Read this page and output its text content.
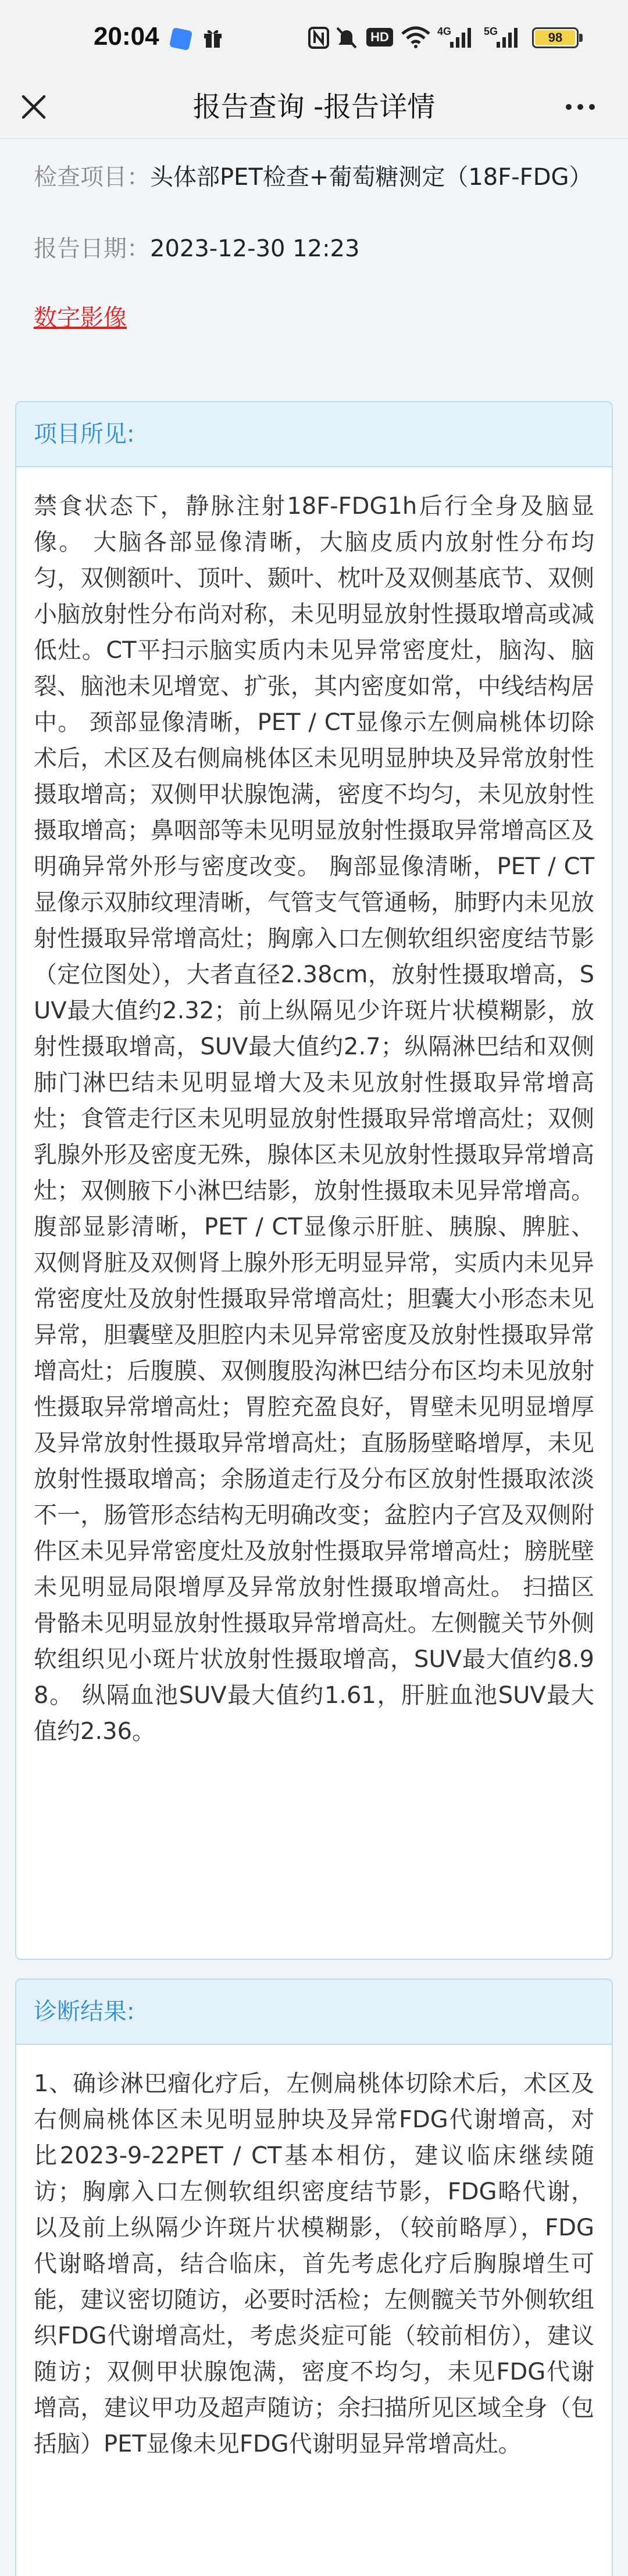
20:04	HD	4G	5G	98
报告查询 -报告详情
检查项目：头体部PET检查+葡萄糖测定（18F-FDG）
报告日期：2023-12-30 12:23
数字影像
项目所见:
禁食状态下，静脉注射18F-FDG1h后行全身及脑显像。 大脑各部显像清晰，大脑皮质内放射性分布均匀，双侧额叶、顶叶、颞叶、枕叶及双侧基底节、双侧小脑放射性分布尚对称，未见明显放射性摄取增高或减低灶。CT平扫示脑实质内未见异常密度灶，脑沟、脑裂、脑池未见增宽、扩张，其内密度如常，中线结构居中。 颈部显像清晰，PET / CT显像示左侧扁桃体切除术后，术区及右侧扁桃体区未见明显肿块及异常放射性摄取增高；双侧甲状腺饱满，密度不均匀，未见放射性摄取增高；鼻咽部等未见明显放射性摄取异常增高区及明确异常外形与密度改变。 胸部显像清晰，PET / CT显像示双肺纹理清晰，气管支气管通畅，肺野内未见放射性摄取异常增高灶；胸廓入口左侧软组织密度结节影（定位图处），大者直径2.38cm，放射性摄取增高，SUV最大值约2.32；前上纵隔见少许斑片状模糊影，放射性摄取增高，SUV最大值约2.7；纵隔淋巴结和双侧肺门淋巴结未见明显增大及未见放射性摄取异常增高灶；食管走行区未见明显放射性摄取异常增高灶；双侧乳腺外形及密度无殊，腺体区未见放射性摄取异常增高灶；双侧腋下小淋巴结影，放射性摄取未见异常增高。 腹部显影清晰，PET / CT显像示肝脏、胰腺、脾脏、双侧肾脏及双侧肾上腺外形无明显异常，实质内未见异常密度灶及放射性摄取异常增高灶；胆囊大小形态未见异常，胆囊壁及胆腔内未见异常密度及放射性摄取异常增高灶；后腹膜、双侧腹股沟淋巴结分布区均未见放射性摄取异常增高灶；胃腔充盈良好，胃壁未见明显增厚及异常放射性摄取异常增高灶；直肠肠壁略增厚，未见放射性摄取增高；余肠道走行及分布区放射性摄取浓淡不一，肠管形态结构无明确改变；盆腔内子宫及双侧附件区未见异常密度灶及放射性摄取异常增高灶；膀胱壁未见明显局限增厚及异常放射性摄取增高灶。 扫描区骨骼未见明显放射性摄取异常增高灶。左侧髋关节外侧软组织见小斑片状放射性摄取增高，SUV最大值约8.98。 纵隔血池SUV最大值约1.61，肝脏血池SUV最大值约2.36。
诊断结果:
1、确诊淋巴瘤化疗后，左侧扁桃体切除术后，术区及右侧扁桃体区未见明显肿块及异常FDG代谢增高，对比2023-9-22PET / CT基本相仿，建议临床继续随访；胸廓入口左侧软组织密度结节影，FDG略代谢，以及前上纵隔少许斑片状模糊影，（较前略厚），FDG代谢略增高，结合临床，首先考虑化疗后胸腺增生可能，建议密切随访，必要时活检；左侧髋关节外侧软组织FDG代谢增高灶，考虑炎症可能（较前相仿），建议随访；双侧甲状腺饱满，密度不均匀，未见FDG代谢增高，建议甲功及超声随访；余扫描所见区域全身（包括脑）PET显像未见FDG代谢明显异常增高灶。
